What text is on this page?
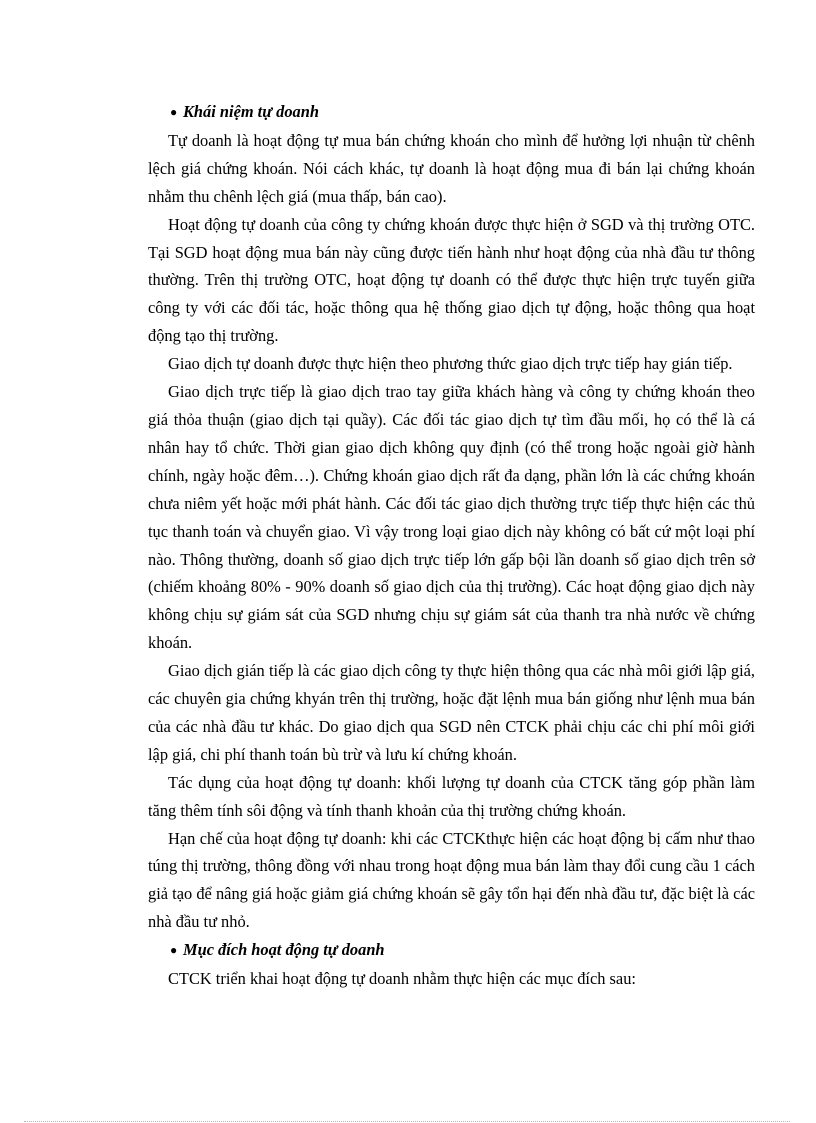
● Khái niệm tự doanh

Tự doanh là hoạt động tự mua bán chứng khoán cho mình để hưởng lợi nhuận từ chênh lệch giá chứng khoán. Nói cách khác, tự doanh là hoạt động mua đi bán lại chứng khoán nhằm thu chênh lệch giá (mua thấp, bán cao).

Hoạt động tự doanh của công ty chứng khoán được thực hiện ở SGD và thị trường OTC. Tại SGD hoạt động mua bán này cũng được tiến hành như hoạt động của nhà đầu tư thông thường. Trên thị trường OTC, hoạt động tự doanh có thể được thực hiện trực tuyến giữa công ty với các đối tác, hoặc thông qua hệ thống giao dịch tự động, hoặc thông qua hoạt động tạo thị trường.

Giao dịch tự doanh được thực hiện theo phương thức giao dịch trực tiếp hay gián tiếp.

Giao dịch trực tiếp là giao dịch trao tay giữa khách hàng và công ty chứng khoán theo giá thỏa thuận (giao dịch tại quầy). Các đối tác giao dịch tự tìm đầu mối, họ có thể là cá nhân hay tổ chức. Thời gian giao dịch không quy định (có thể trong hoặc ngoài giờ hành chính, ngày hoặc đêm…). Chứng khoán giao dịch rất đa dạng, phần lớn là các chứng khoán chưa niêm yết hoặc mới phát hành. Các đối tác giao dịch thường trực tiếp thực hiện các thủ tục thanh toán và chuyển giao. Vì vậy trong loại giao dịch này không có bất cứ một loại phí nào. Thông thường, doanh số giao dịch trực tiếp lớn gấp bội lần doanh số giao dịch trên sở (chiếm khoảng 80% - 90% doanh số giao dịch của thị trường). Các hoạt động giao dịch này không chịu sự giám sát của SGD nhưng chịu sự giám sát của thanh tra nhà nước về chứng khoán.

Giao dịch gián tiếp là các giao dịch công ty thực hiện thông qua các nhà môi giới lập giá, các chuyên gia chứng khyán trên thị trường, hoặc đặt lệnh mua bán giống như lệnh mua bán của các nhà đầu tư khác. Do giao dịch qua SGD nên CTCK phải chịu các chi phí môi giới lập giá, chi phí thanh toán bù trừ và lưu kí chứng khoán.

Tác dụng của hoạt động tự doanh: khối lượng tự doanh của CTCK tăng góp phần làm tăng thêm tính sôi động và tính thanh khoản của thị trường chứng khoán.

Hạn chế của hoạt động tự doanh: khi các CTCKthực hiện các hoạt động bị cấm như thao túng thị trường, thông đồng với nhau trong hoạt động mua bán làm thay đổi cung cầu 1 cách giả tạo để nâng giá hoặc giảm giá chứng khoán sẽ gây tổn hại đến nhà đầu tư, đặc biệt là các nhà đầu tư nhỏ.

● Mục đích hoạt động tự doanh

CTCK triển khai hoạt động tự doanh nhằm thực hiện các mục đích sau:
